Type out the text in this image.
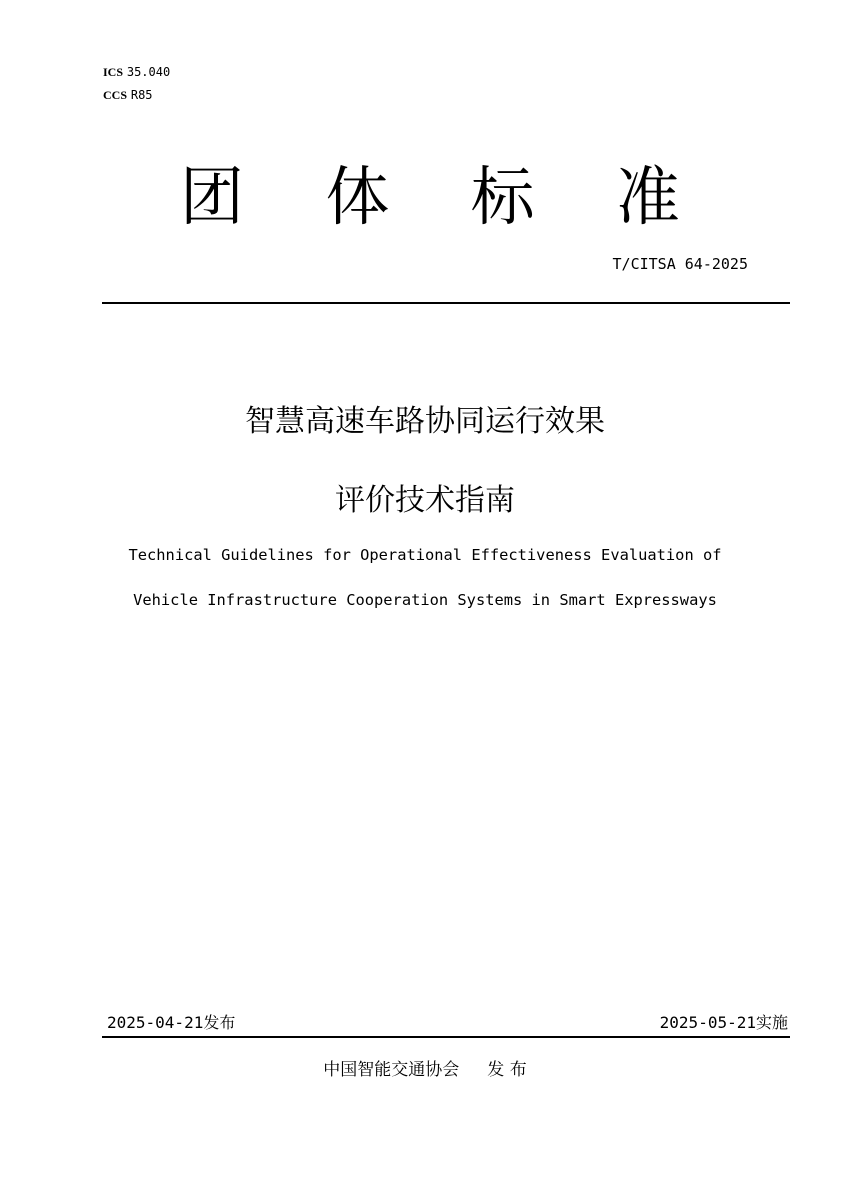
ICS 35.040
CCS R85
团 体 标 准
T/CITSA 64-2025
智慧高速车路协同运行效果
评价技术指南
Technical Guidelines for Operational Effectiveness Evaluation of
Vehicle Infrastructure Cooperation Systems in Smart Expressways
2025-04-21发布	2025-05-21实施
中国智能交通协会 发 布
